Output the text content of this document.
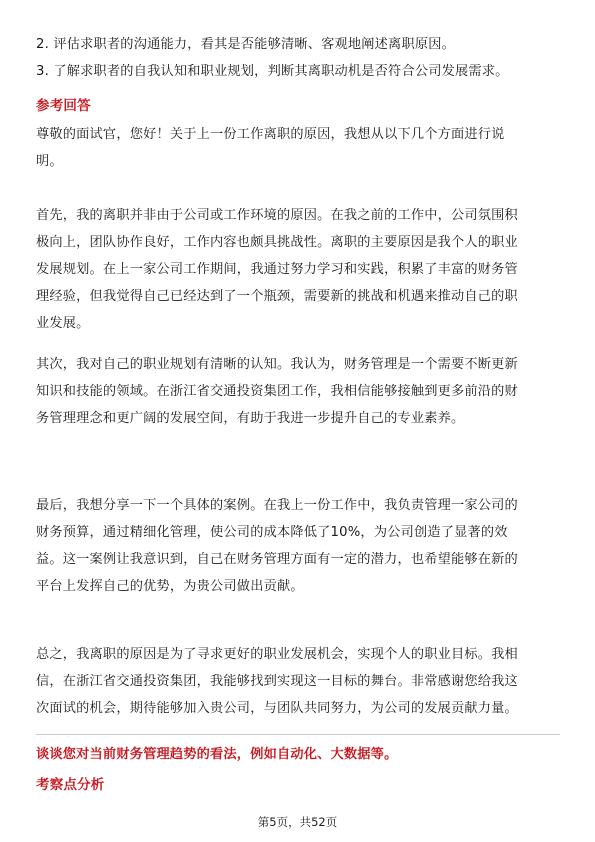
2. 评估求职者的沟通能力，看其是否能够清晰、客观地阐述离职原因。
3. 了解求职者的自我认知和职业规划，判断其离职动机是否符合公司发展需求。
参考回答
尊敬的面试官，您好！关于上一份工作离职的原因，我想从以下几个方面进行说
明。
首先，我的离职并非由于公司或工作环境的原因。在我之前的工作中，公司氛围积
极向上，团队协作良好，工作内容也颇具挑战性。离职的主要原因是我个人的职业
发展规划。在上一家公司工作期间，我通过努力学习和实践，积累了丰富的财务管
理经验，但我觉得自己已经达到了一个瓶颈，需要新的挑战和机遇来推动自己的职
业发展。
其次，我对自己的职业规划有清晰的认知。我认为，财务管理是一个需要不断更新
知识和技能的领域。在浙江省交通投资集团工作，我相信能够接触到更多前沿的财
务管理理念和更广阔的发展空间，有助于我进一步提升自己的专业素养。
最后，我想分享一下一个具体的案例。在我上一份工作中，我负责管理一家公司的
财务预算，通过精细化管理，使公司的成本降低了10%，为公司创造了显著的效
益。这一案例让我意识到，自己在财务管理方面有一定的潜力，也希望能够在新的
平台上发挥自己的优势，为贵公司做出贡献。
总之，我离职的原因是为了寻求更好的职业发展机会，实现个人的职业目标。我相
信，在浙江省交通投资集团，我能够找到实现这一目标的舞台。非常感谢您给我这
次面试的机会，期待能够加入贵公司，与团队共同努力，为公司的发展贡献力量。
谈谈您对当前财务管理趋势的看法，例如自动化、大数据等。
考察点分析
第5页，共52页
